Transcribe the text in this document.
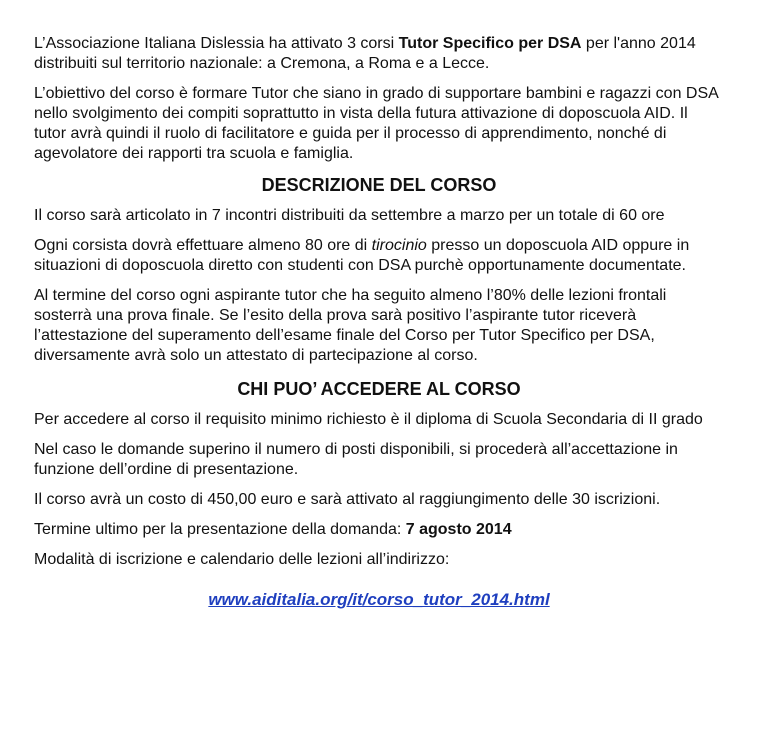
L’Associazione Italiana Dislessia ha attivato 3 corsi Tutor Specifico per DSA per l'anno 2014 distribuiti sul territorio nazionale: a Cremona, a Roma e a Lecce.

L’obiettivo del corso è formare Tutor che siano in grado di supportare bambini e ragazzi con DSA nello svolgimento dei compiti soprattutto in vista della futura attivazione di doposcuola AID. Il tutor avrà quindi il ruolo di facilitatore e guida per il processo di apprendimento, nonché di agevolatore dei rapporti tra scuola e famiglia.

DESCRIZIONE DEL CORSO

Il corso sarà articolato in 7 incontri distribuiti da settembre a marzo per un totale di 60 ore

Ogni corsista dovrà effettuare almeno 80 ore di tirocinio presso un doposcuola AID oppure in situazioni di doposcuola diretto con studenti con DSA purchè opportunamente documentate.

Al termine del corso ogni aspirante tutor che ha seguito almeno l’80% delle lezioni frontali sosterrà una prova finale. Se l’esito della prova sarà positivo l’aspirante tutor riceverà l’attestazione del superamento dell’esame finale del Corso per Tutor Specifico per DSA, diversamente avrà solo un attestato di partecipazione al corso.

CHI PUO’ ACCEDERE AL CORSO

Per accedere al corso il requisito minimo richiesto è il diploma di Scuola Secondaria di II grado

Nel caso le domande superino il numero di posti disponibili, si procederà all’accettazione in funzione dell’ordine di presentazione.

Il corso avrà un costo di 450,00 euro e sarà attivato al raggiungimento delle 30 iscrizioni.

Termine ultimo per la presentazione della domanda: 7 agosto 2014

Modalità di iscrizione e calendario delle lezioni all’indirizzo:

www.aiditalia.org/it/corso_tutor_2014.html
